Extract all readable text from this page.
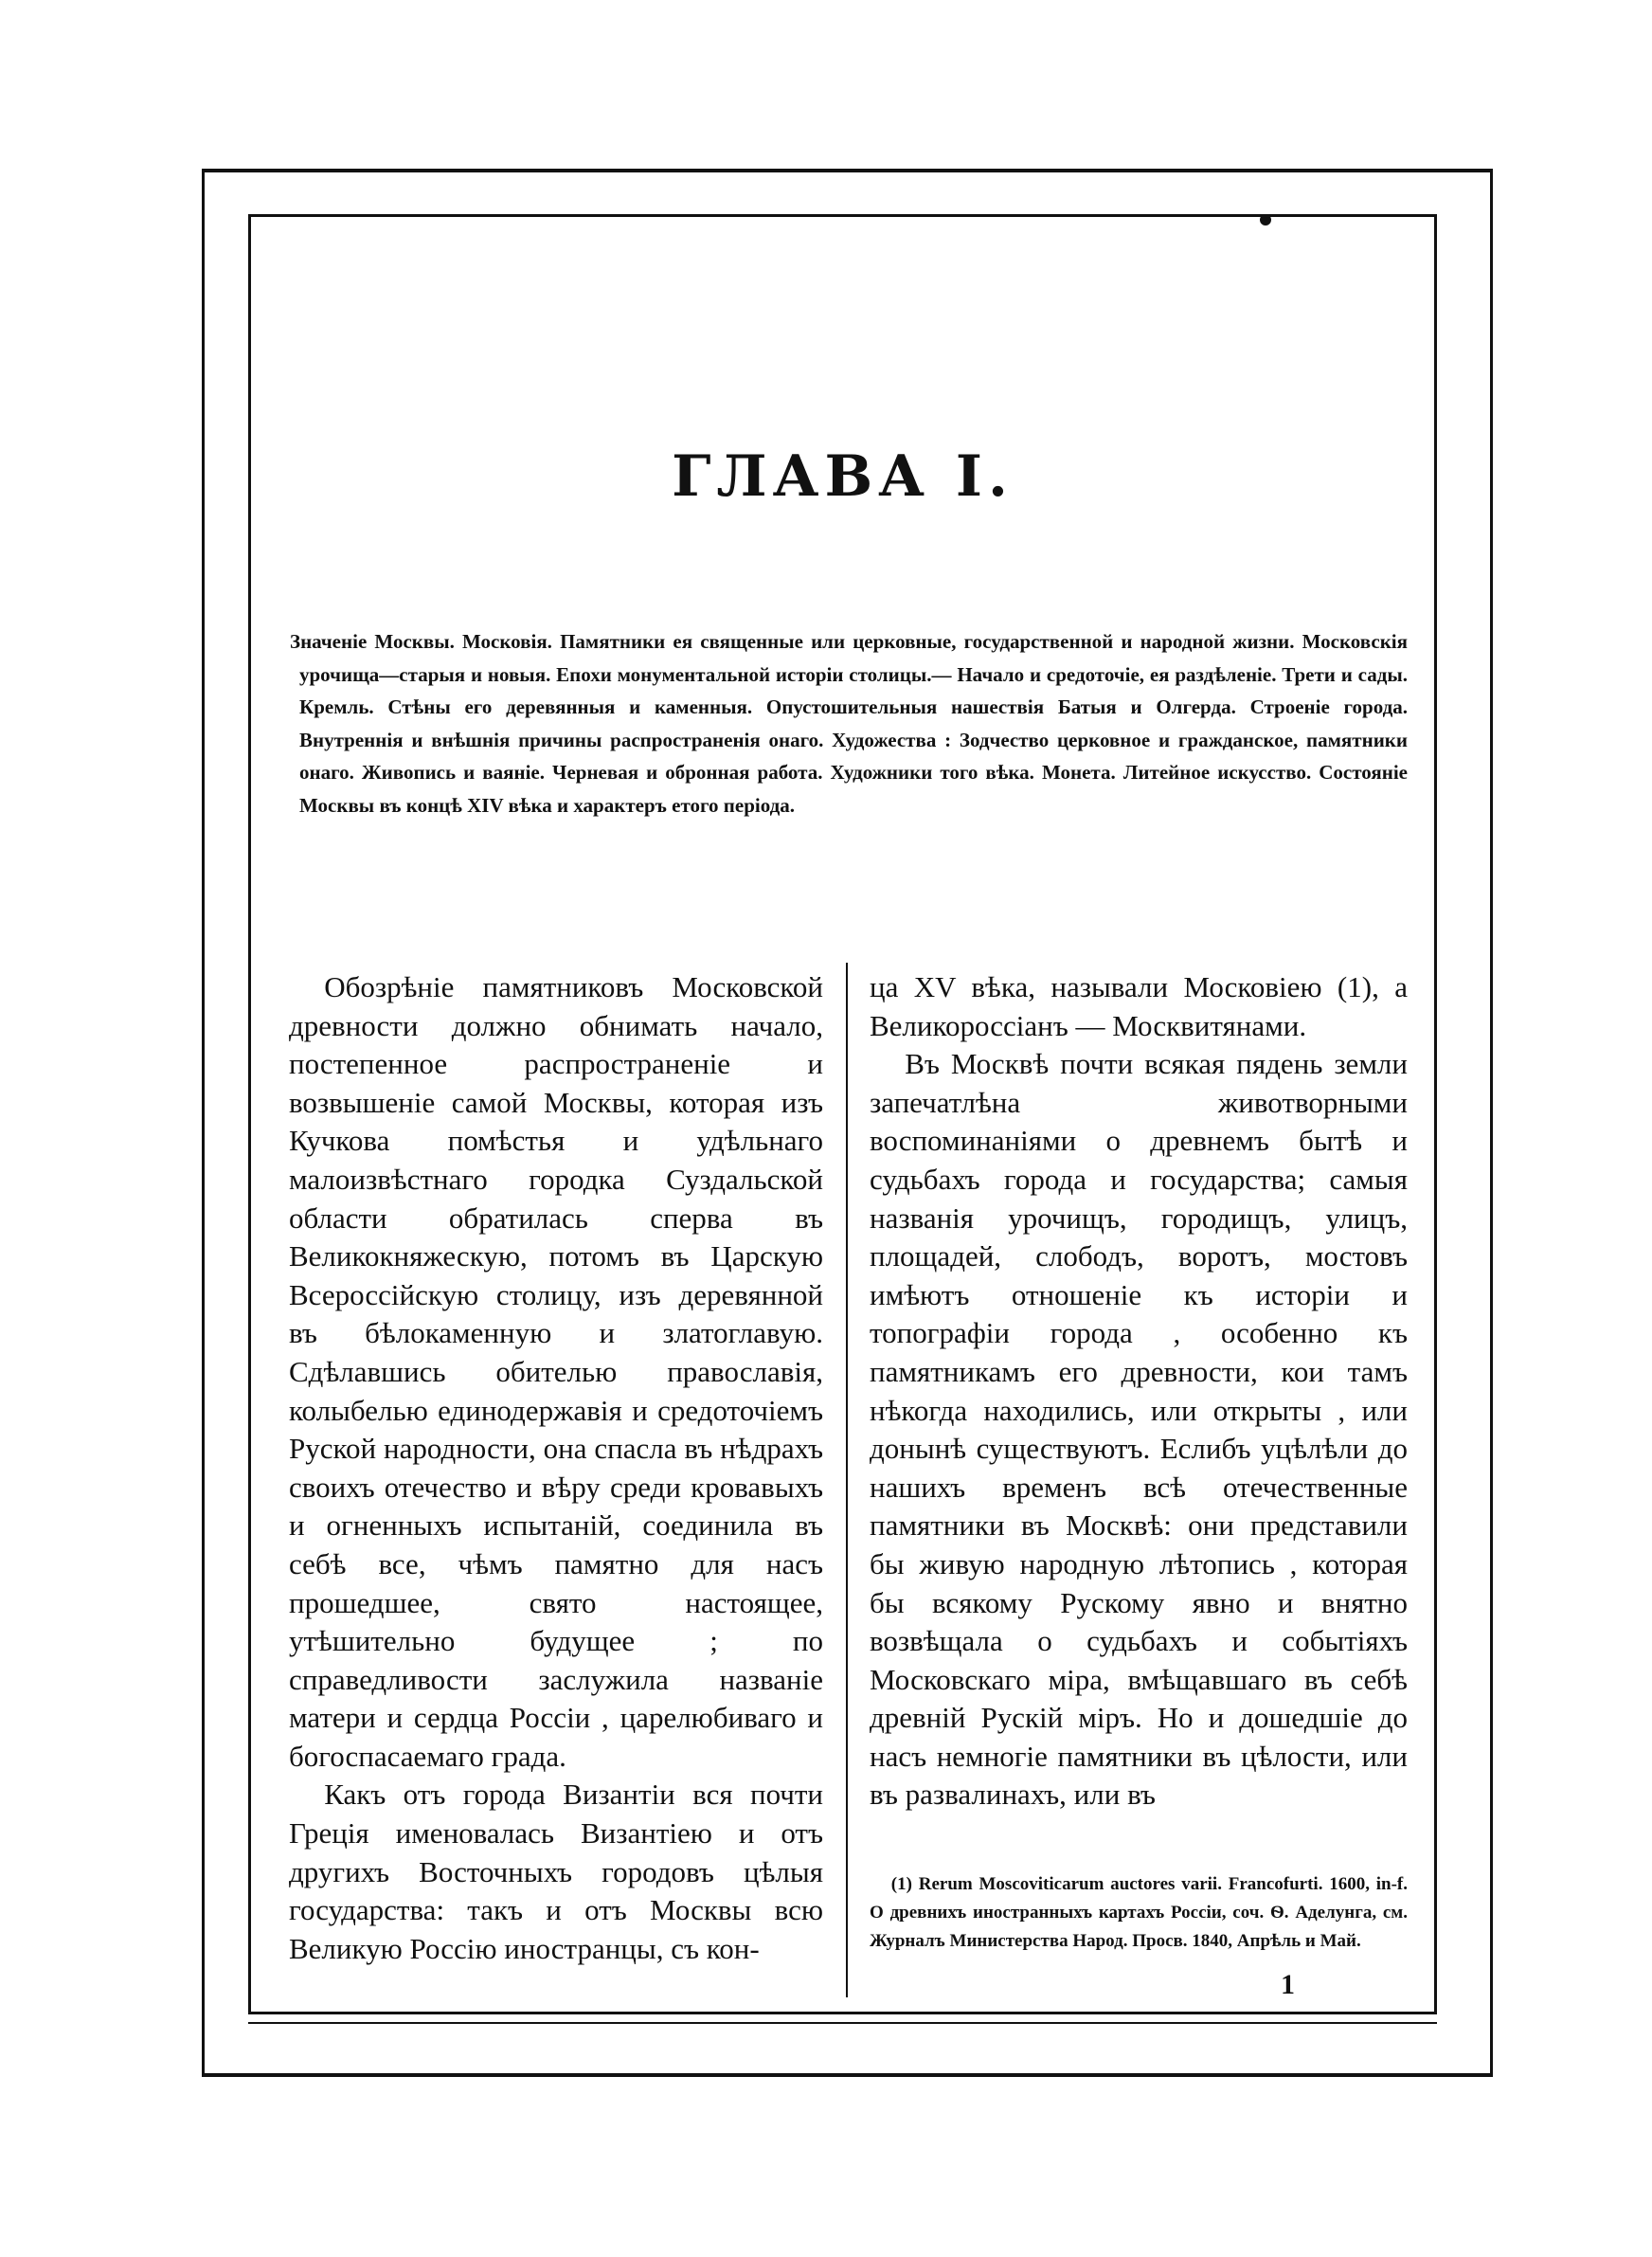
ГЛАВА I.
Значеніе Москвы. Московія. Памятники ея священные или церковные, государственной и народной жизни. Московскія урочища—старыя и новыя. Епохи монументальной исторіи столицы.— Начало и средоточіе, ея раздѣленіе. Трети и сады. Кремль. Стѣны его деревянныя и каменныя. Опустошительныя нашествія Батыя и Олгерда. Строеніе города. Внутреннія и внѣшнія причины распространенія онаго. Художества : Зодчество церковное и гражданское, памятники онаго. Живопись и ваяніе. Черневая и обронная работа. Художники того вѣка. Монета. Литейное искусство. Состояніе Москвы въ концѣ XIV вѣка и характеръ етого періода.

Обозрѣніе памятниковъ Московской древности должно обнимать начало, постепенное распространеніе и возвышеніе самой Москвы, которая изъ Кучкова помѣстья и удѣльнаго малоизвѣстнаго городка Суздальской области обратилась сперва въ Великокняжескую, потомъ въ Царскую Всероссійскую столицу, изъ деревянной въ бѣлокаменную и златоглавую. Сдѣлавшись обителью православія, колыбелью единодержавія и средоточіемъ Руской народности, она спасла въ нѣдрахъ своихъ отечество и вѣру среди кровавыхъ и огненныхъ испытаній, соединила въ себѣ все, чѣмъ памятно для насъ прошедшее, свято настоящее, утѣшительно будущее ; по справедливости заслужила названіе матери и сердца Россіи , царелюбиваго и богоспасаемаго града.

Какъ отъ города Византіи вся почти Греція именовалась Византіею и отъ другихъ Восточныхъ городовъ цѣлыя государства: такъ и отъ Москвы всю Великую Россію иностранцы, съ кон-

ца XV вѣка, называли Московіею (1), а Великороссіанъ — Москвитянами.

Въ Москвѣ почти всякая пядень земли запечатлѣна животворными воспоминаніями о древнемъ бытѣ и судьбахъ города и государства; самыя названія урочищъ, городищъ, улицъ, площадей, слободъ, воротъ, мостовъ имѣютъ отношеніе къ исторіи и топографіи города , особенно къ памятникамъ его древности, кои тамъ нѣкогда находились, или открыты , или донынѣ существуютъ. Еслибъ уцѣлѣли до нашихъ временъ всѣ отечественные памятники въ Москвѣ: они представили бы живую народную лѣтопись , которая бы всякому Рускому явно и внятно возвѣщала о судьбахъ и событіяхъ Московскаго міра, вмѣщавшаго въ себѣ древній Рускій міръ. Но и дошедшіе до насъ немногіе памятники въ цѣлости, или въ развалинахъ, или въ

(1) Rerum Moscoviticarum auctores varii. Francofurti. 1600, in-f. О древнихъ иностранныхъ картахъ Россіи, соч. Ѳ. Аделунга, см. Журналъ Министерства Народ. Просв. 1840, Апрѣль и Май.

1
